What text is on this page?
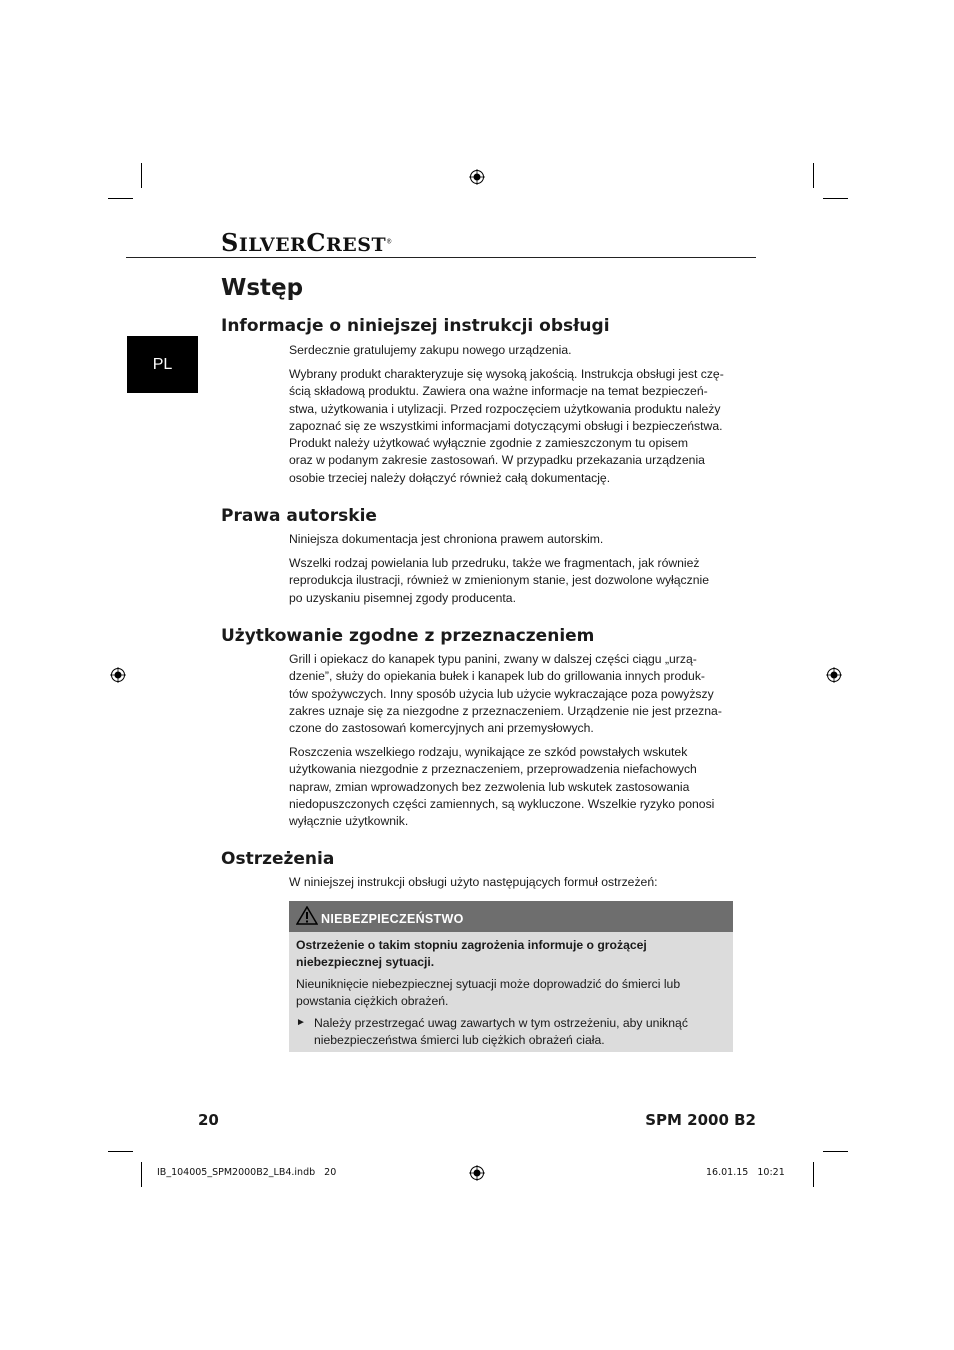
SILVERCREST®
PL
Wstęp
Informacje o niniejszej instrukcji obsługi

Serdecznie gratulujemy zakupu nowego urządzenia.

Wybrany produkt charakteryzuje się wysoką jakością. Instrukcja obsługi jest czę-
ścią składową produktu. Zawiera ona ważne informacje na temat bezpieczeń-
stwa, użytkowania i utylizacji. Przed rozpoczęciem użytkowania produktu należy
zapoznać się ze wszystkimi informacjami dotyczącymi obsługi i bezpieczeństwa.
Produkt należy użytkować wyłącznie zgodnie z zamieszczonym tu opisem
oraz w podanym zakresie zastosowań. W przypadku przekazania urządzenia
osobie trzeciej należy dołączyć również całą dokumentację.

Prawa autorskie

Niniejsza dokumentacja jest chroniona prawem autorskim.

Wszelki rodzaj powielania lub przedruku, także we fragmentach, jak również
reprodukcja ilustracji, również w zmienionym stanie, jest dozwolone wyłącznie
po uzyskaniu pisemnej zgody producenta.

Użytkowanie zgodne z przeznaczeniem

Grill i opiekacz do kanapek typu panini, zwany w dalszej części ciągu „urzą-
dzenie”, służy do opiekania bułek i kanapek lub do grillowania innych produk-
tów spożywczych. Inny sposób użycia lub użycie wykraczające poza powyższy
zakres uznaje się za niezgodne z przeznaczeniem. Urządzenie nie jest przezna-
czone do zastosowań komercyjnych ani przemysłowych.

Roszczenia wszelkiego rodzaju, wynikające ze szkód powstałych wskutek
użytkowania niezgodnie z przeznaczeniem, przeprowadzenia niefachowych
napraw, zmian wprowadzonych bez zezwolenia lub wskutek zastosowania
niedopuszczonych części zamiennych, są wykluczone. Wszelkie ryzyko ponosi
wyłącznie użytkownik.

Ostrzeżenia

W niniejszej instrukcji obsługi użyto następujących formuł ostrzeżeń:

NIEBEZPIECZEŃSTWO

Ostrzeżenie o takim stopniu zagrożenia informuje o grożącej
niebezpiecznej sytuacji.

Nieuniknięcie niebezpiecznej sytuacji może doprowadzić do śmierci lub
powstania ciężkich obrażeń.

► Należy przestrzegać uwag zawartych w tym ostrzeżeniu, aby uniknąć
niebezpieczeństwa śmierci lub ciężkich obrażeń ciała.

20	SPM 2000 B2
IB_104005_SPM2000B2_LB4.indb   20	16.01.15   10:21
